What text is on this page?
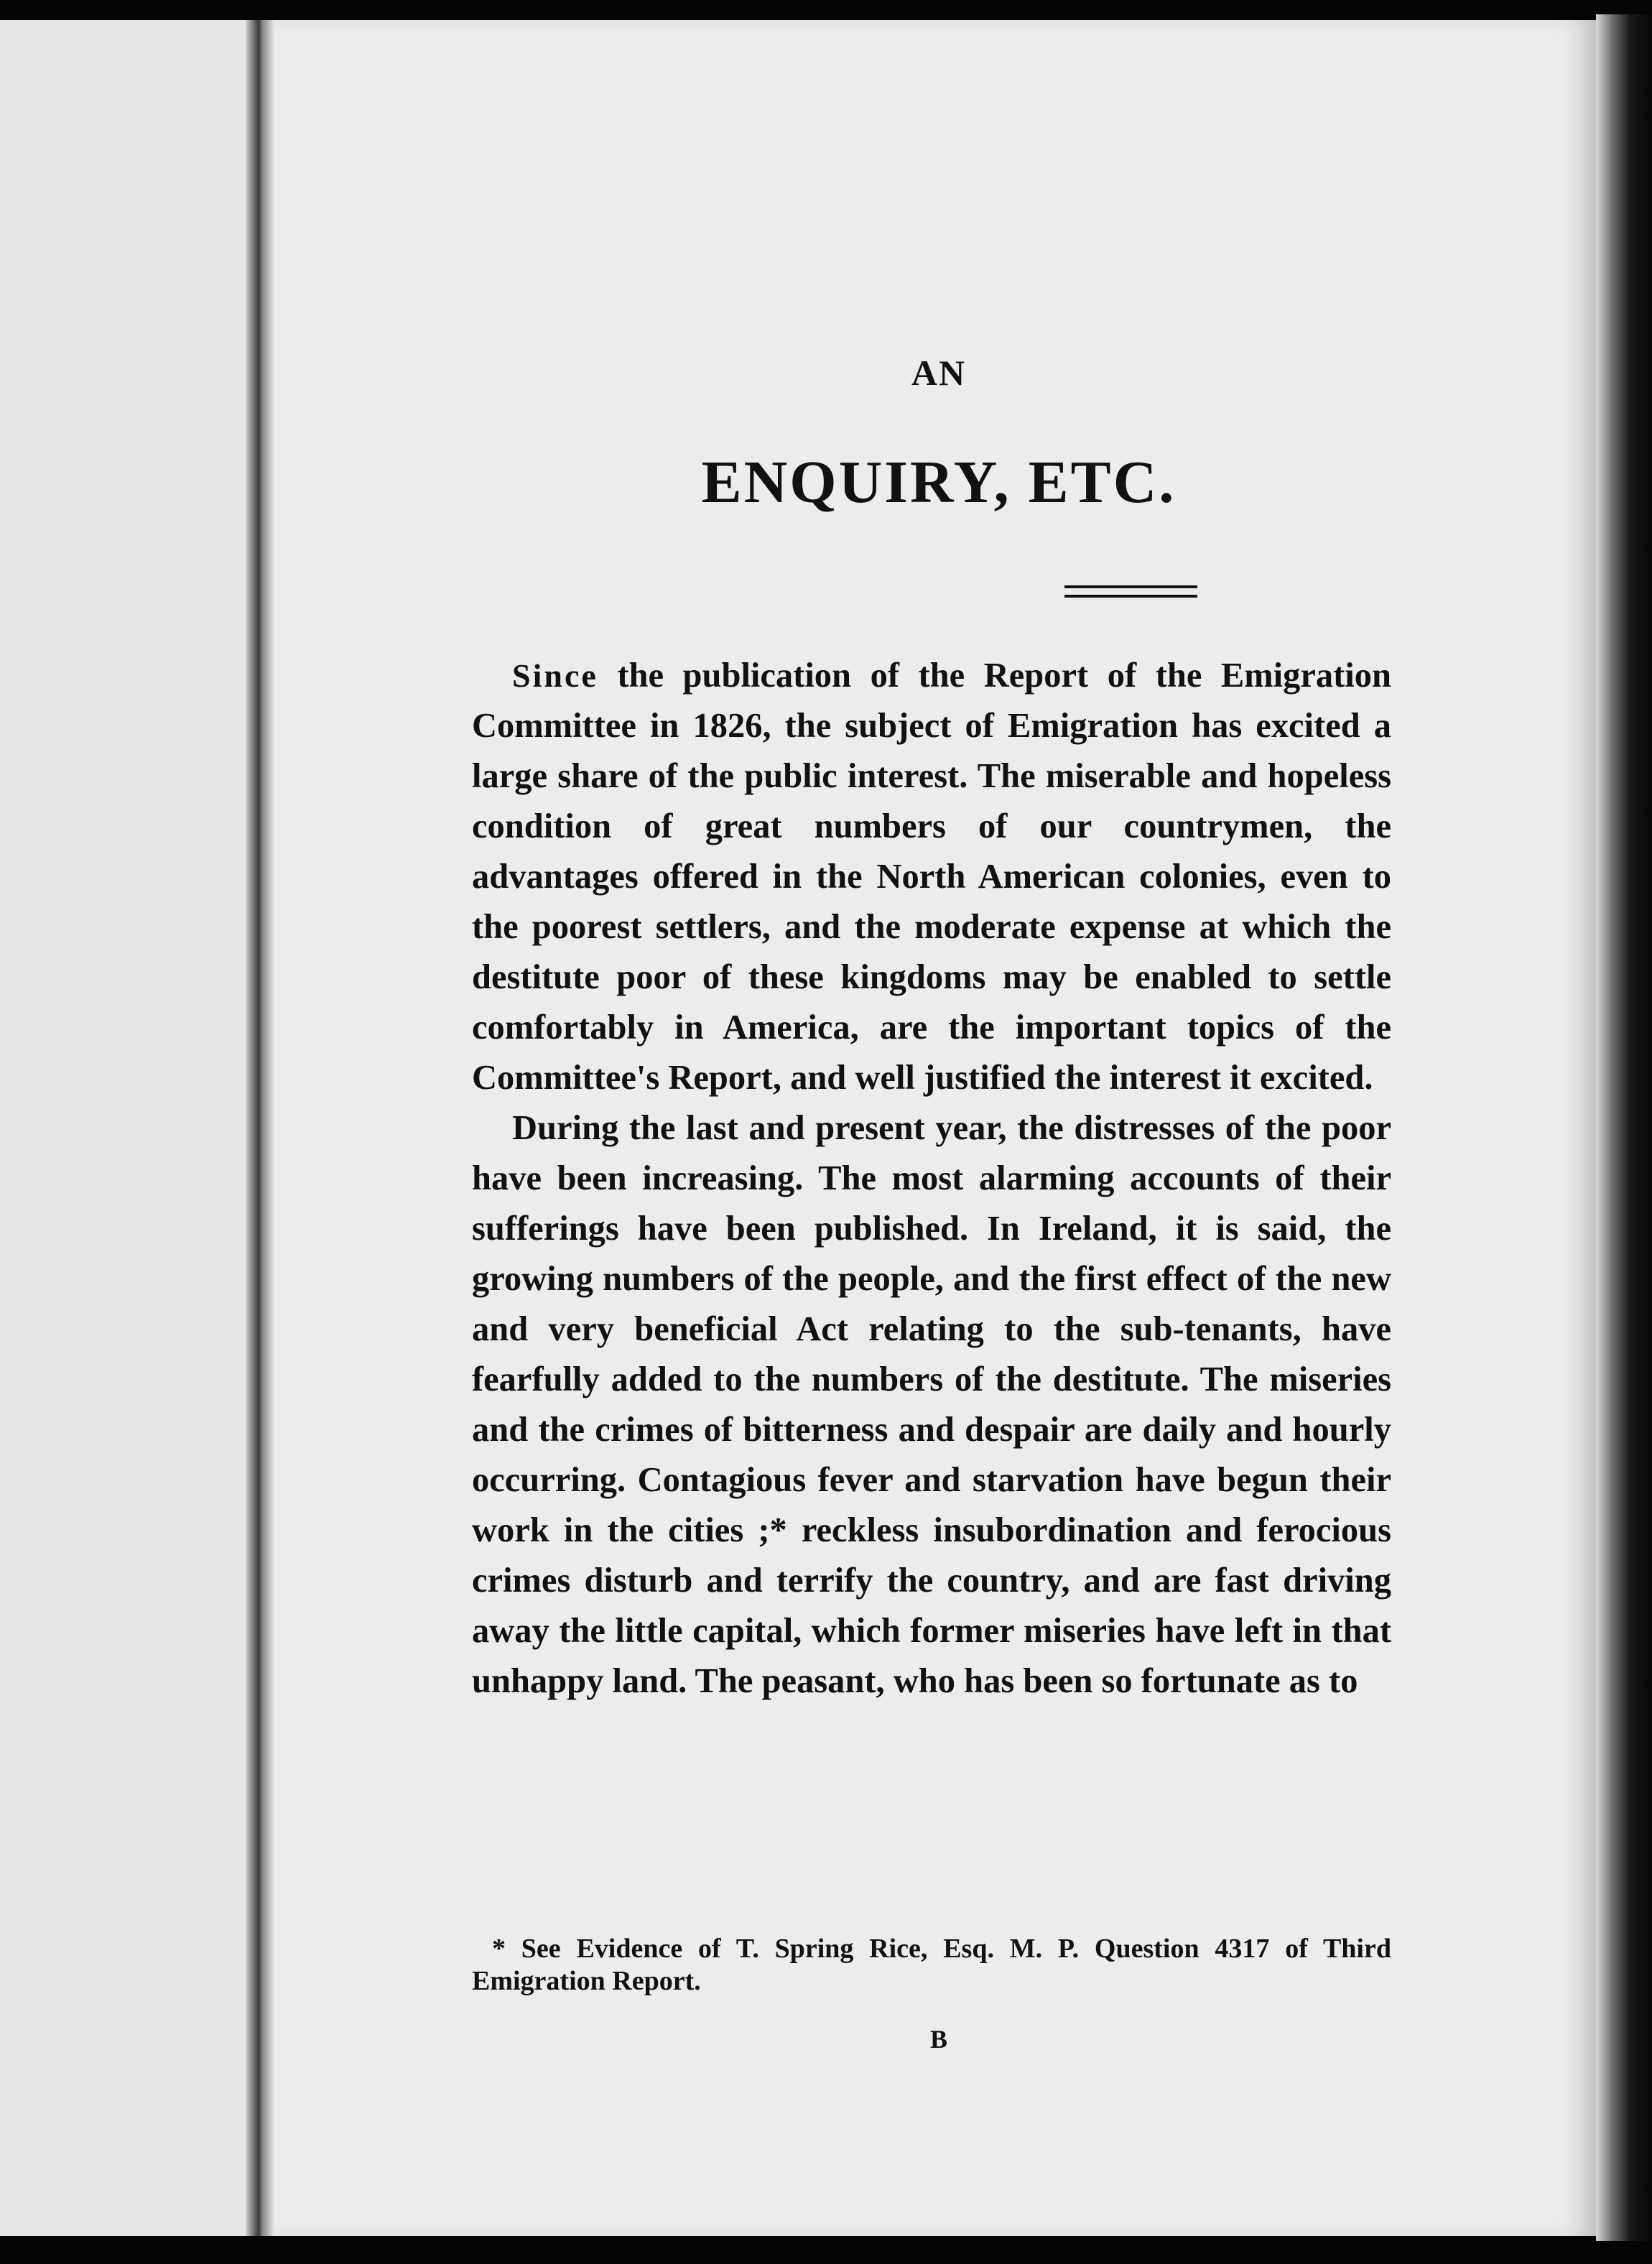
AN
ENQUIRY, ETC.

Since the publication of the Report of the Emigration Committee in 1826, the subject of Emigration has excited a large share of the public interest. The miserable and hopeless condition of great numbers of our countrymen, the advantages offered in the North American colonies, even to the poorest settlers, and the moderate expense at which the destitute poor of these kingdoms may be enabled to settle comfortably in America, are the important topics of the Committee's Report, and well justified the interest it excited.

During the last and present year, the distresses of the poor have been increasing. The most alarming accounts of their sufferings have been published. In Ireland, it is said, the growing numbers of the people, and the first effect of the new and very beneficial Act relating to the sub-tenants, have fearfully added to the numbers of the destitute. The miseries and the crimes of bitterness and despair are daily and hourly occurring. Contagious fever and starvation have begun their work in the cities ;* reckless insubordination and ferocious crimes disturb and terrify the country, and are fast driving away the little capital, which former miseries have left in that unhappy land. The peasant, who has been so fortunate as to

* See Evidence of T. Spring Rice, Esq. M. P. Question 4317 of Third Emigration Report.

B
